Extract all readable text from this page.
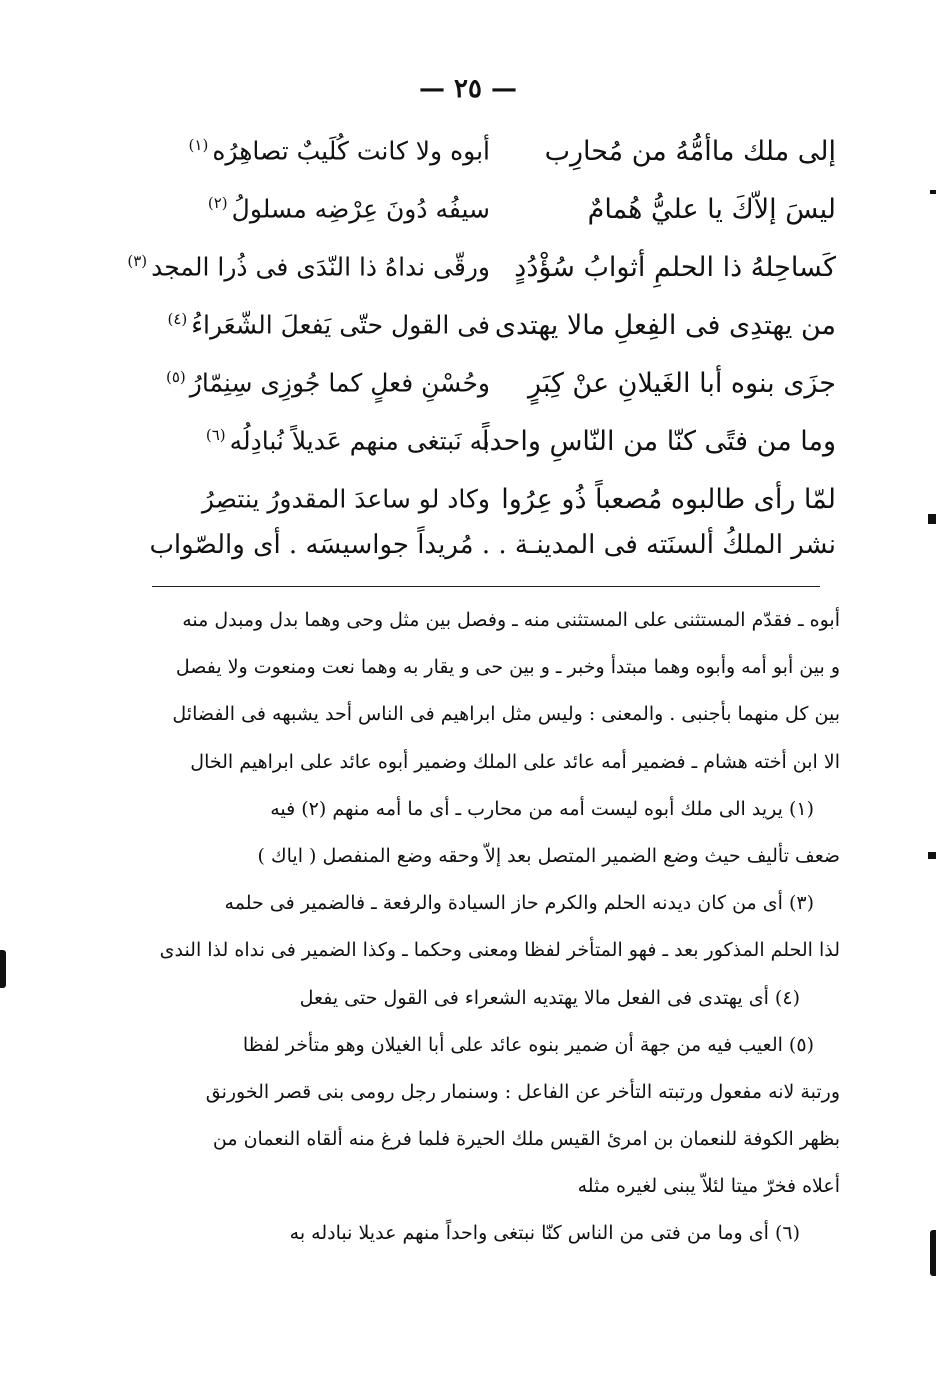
— ٢٥ —
إلى ملك ماأمُّهُ من مُحارِب
أبوه ولا كانت كُلَيبٌ تصاهِرُه$^{(١)}$
ليسَ إلاّكَ يا عليُّ هُمامٌ
سيفُه دُونَ عِرْضِه مسلولُ$^{(٢)}$
كَساحِلهُ ذا الحلمِ أثوابُ سُؤْدُدٍ
ورقّى نداهُ ذا النّدَى فى ذُرا المجد$^{(٣)}$
من يهتدِى فى الفِعلِ مالا يهتدى
فى القول حتّى يَفعلَ الشّعَراءُ$^{(٤)}$
جزَى بنوه أبا الغَيلانِ عنْ كِبَرٍ
وحُسْنِ فعلٍ كما جُوزِى سِنِمّارُ$^{(٥)}$
وما من فتًى كنّا من النّاسِ واحداً
به نَبتغى منهم عَديلاً نُبادِلُه$^{(٦)}$
لمّا رأى طالبوه مُصعباً ذُو عِرُوا
وكاد لو ساعدَ المقدورُ ينتصِرُ
نشر الملكُ ألسنَته فى المدينـة . . مُريداً جواسيسَه . أى والصّواب
أبوه ـ فقدّم المستثنى على المستثنى منه ـ وفصل بين مثل وحى وهما بدل ومبدل منه
و بين أبو أمه وأبوه وهما مبتدأ وخبر ـ و بين حى و يقار به وهما نعت ومنعوت ولا يفصل
بين كل منهما بأجنبى . والمعنى : وليس مثل ابراهيم فى الناس أحد يشبهه فى الفضائل
الا ابن أخته هشام ـ فضمير أمه عائد على الملك وضمير أبوه عائد على ابراهيم الخال
(١) يريد الى ملك أبوه ليست أمه من محارب ـ أى ما أمه منهم (٢) فيه
ضعف تأليف حيث وضع الضمير المتصل بعد إلاّ وحقه وضع المنفصل ( اياك )
(٣) أى من كان ديدنه الحلم والكرم حاز السيادة والرفعة ـ فالضمير فى حلمه
لذا الحلم المذكور بعد ـ فهو المتأخر لفظا ومعنى وحكما ـ وكذا الضمير فى نداه لذا الندى
(٤) أى يهتدى فى الفعل مالا يهتديه الشعراء فى القول حتى يفعل
(٥) العيب فيه من جهة أن ضمير بنوه عائد على أبا الغيلان وهو متأخر لفظا
ورتبة لانه مفعول ورتبته التأخر عن الفاعل : وسنمار رجل رومى بنى قصر الخورنق
بظهر الكوفة للنعمان بن امرئ القيس ملك الحيرة فلما فرغ منه ألقاه النعمان من
أعلاه فخرّ ميتا لئلاّ يبنى لغيره مثله
(٦) أى وما من فتى من الناس كنّا نبتغى واحداً منهم عديلا نبادله به
